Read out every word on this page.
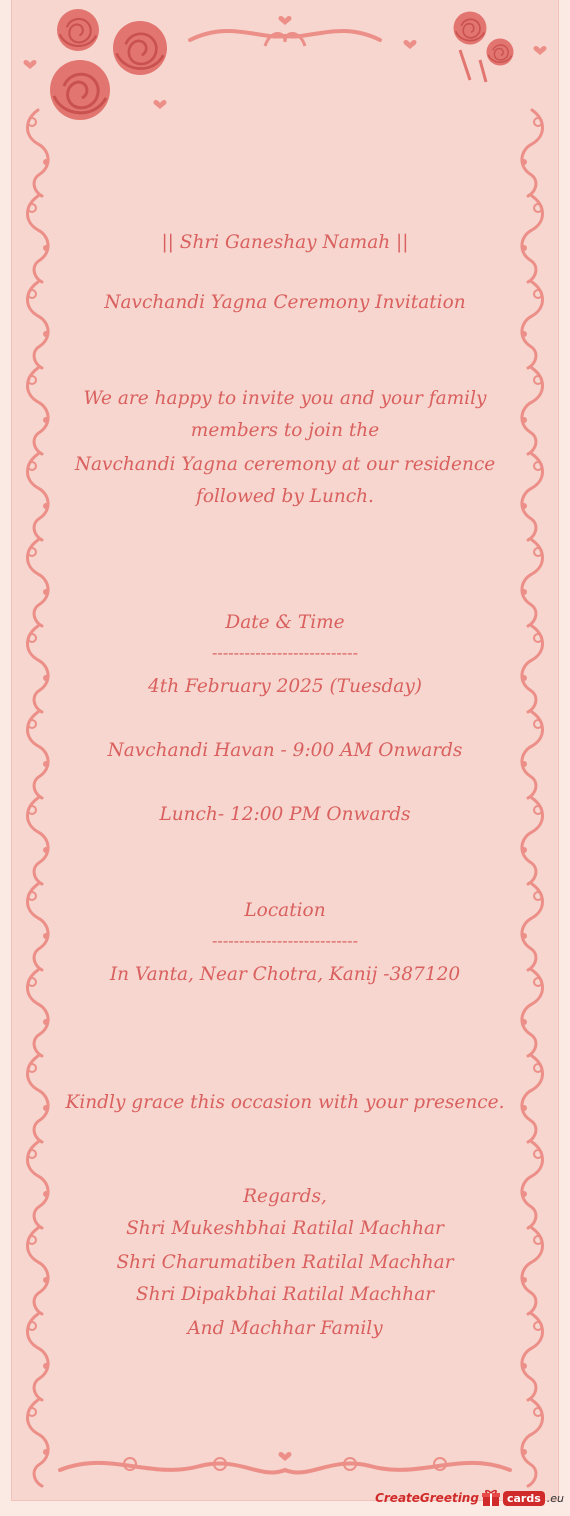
|| Shri Ganeshay Namah ||
Navchandi Yagna Ceremony Invitation
We are happy to invite you and your family
members to join the
Navchandi Yagna ceremony at our residence
followed by Lunch.
Date & Time
---------------------------
4th February 2025 (Tuesday)
Navchandi Havan - 9:00 AM Onwards
Lunch- 12:00 PM Onwards
Location
---------------------------
In Vanta, Near Chotra, Kanij -387120
Kindly grace this occasion with your presence.
Regards,
Shri Mukeshbhai Ratilal Machhar
Shri Charumatiben Ratilal Machhar
Shri Dipakbhai Ratilal Machhar
And Machhar Family
CreateGreeting	cards .eu
